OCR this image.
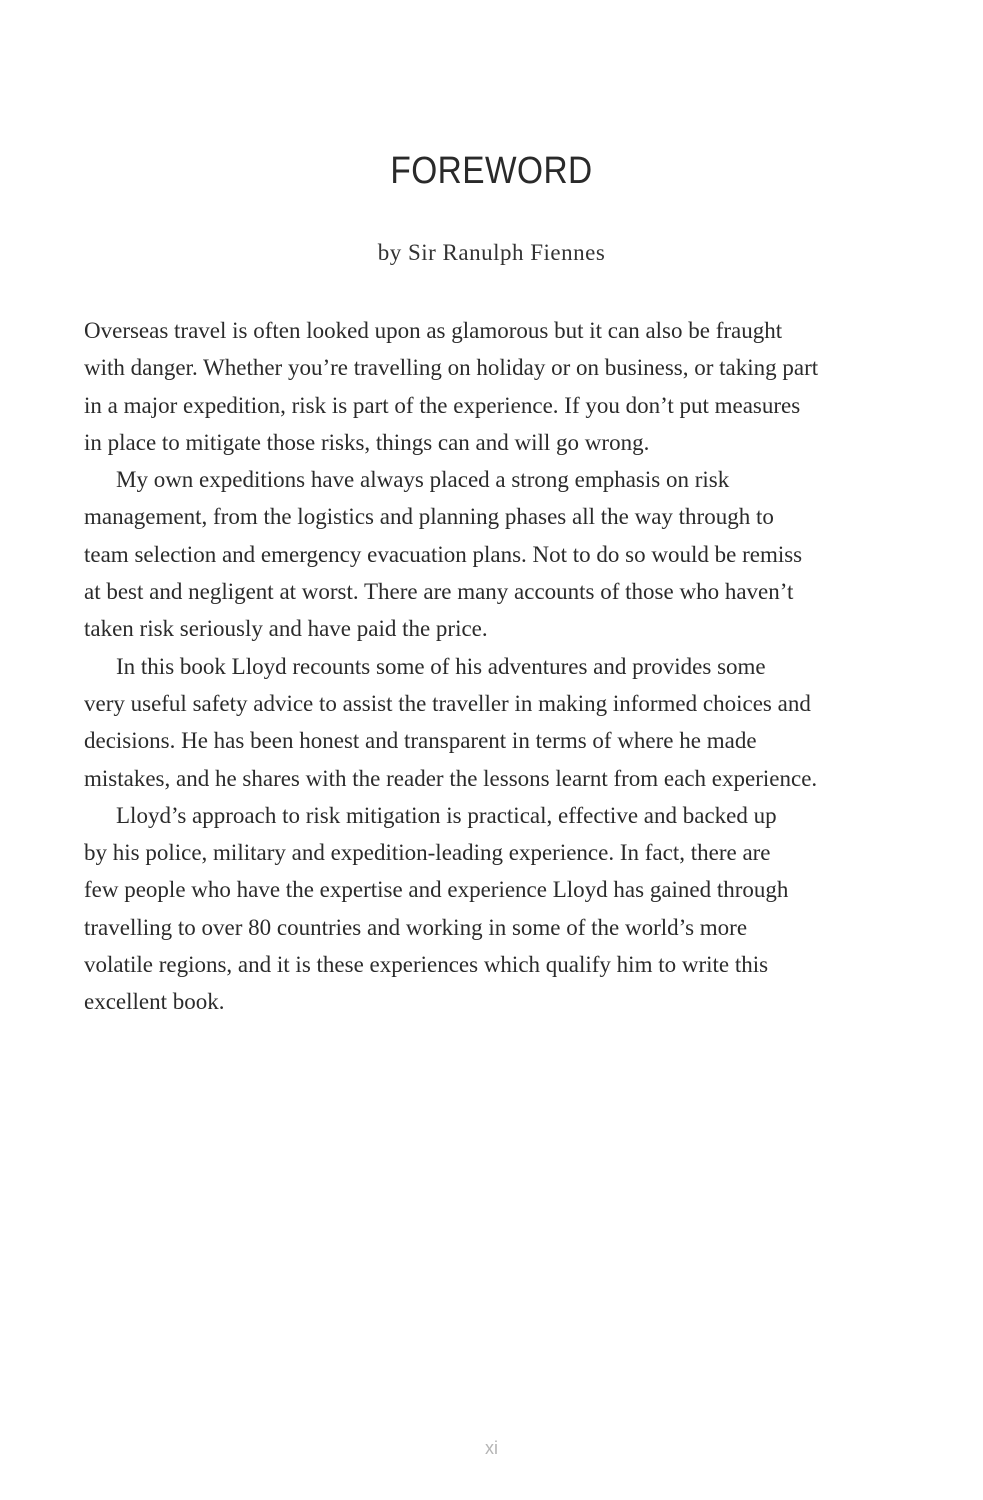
FOREWORD
by Sir Ranulph Fiennes
Overseas travel is often looked upon as glamorous but it can also be fraught
with danger. Whether you’re travelling on holiday or on business, or taking part
in a major expedition, risk is part of the experience. If you don’t put measures
in place to mitigate those risks, things can and will go wrong.
My own expeditions have always placed a strong emphasis on risk
management, from the logistics and planning phases all the way through to
team selection and emergency evacuation plans. Not to do so would be remiss
at best and negligent at worst. There are many accounts of those who haven’t
taken risk seriously and have paid the price.
In this book Lloyd recounts some of his adventures and provides some
very useful safety advice to assist the traveller in making informed choices and
decisions. He has been honest and transparent in terms of where he made
mistakes, and he shares with the reader the lessons learnt from each experience.
Lloyd’s approach to risk mitigation is practical, effective and backed up
by his police, military and expedition-leading experience. In fact, there are
few people who have the expertise and experience Lloyd has gained through
travelling to over 80 countries and working in some of the world’s more
volatile regions, and it is these experiences which qualify him to write this
excellent book.
xi
